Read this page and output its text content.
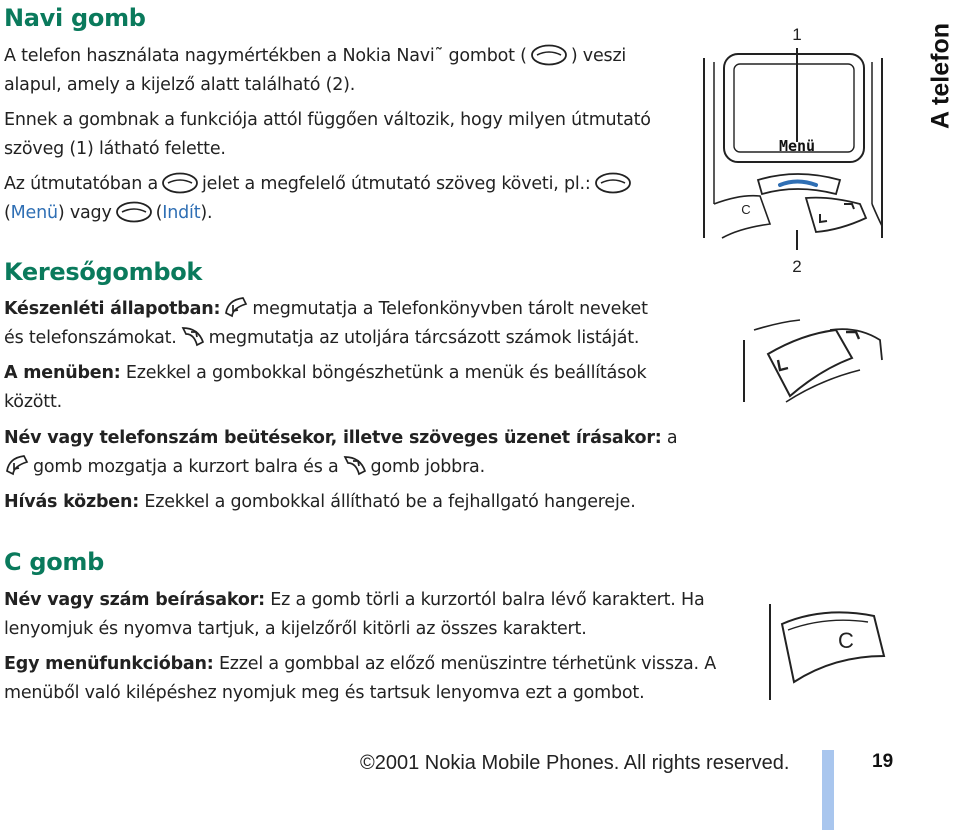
A telefon
Navi gomb

A telefon használata nagymértékben a Nokia Navi˜ gombot (	) veszi
alapul, amely a kijelző alatt található (2).

Ennek a gombnak a funkciója attól függően változik, hogy milyen útmutató
szöveg (1) látható felette.

Az útmutatóban a	jelet a megfelelő útmutató szöveg követi, pl.:
(Menü) vagy	(Indít).

1
Menü
C
2
Keresőgombok

Készenléti állapotban: megmutatja a Telefonkönyvben tárolt neveket
és telefonszámokat. megmutatja az utoljára tárcsázott számok listáját.

A menüben: Ezekkel a gombokkal böngészhetünk a menük és beállítások
között.

Név vagy telefonszám beütésekor, illetve szöveges üzenet írásakor: a
gomb mozgatja a kurzort balra és a gomb jobbra.

Hívás közben: Ezekkel a gombokkal állítható be a fejhallgató hangereje.

C gomb

Név vagy szám beírásakor: Ez a gomb törli a kurzortól balra lévő karaktert. Ha
lenyomjuk és nyomva tartjuk, a kijelzőről kitörli az összes karaktert.

Egy menüfunkcióban: Ezzel a gombbal az előző menüszintre térhetünk vissza. A
menüből való kilépéshez nyomjuk meg és tartsuk lenyomva ezt a gombot.

C
©2001 Nokia Mobile Phones. All rights reserved.	19
